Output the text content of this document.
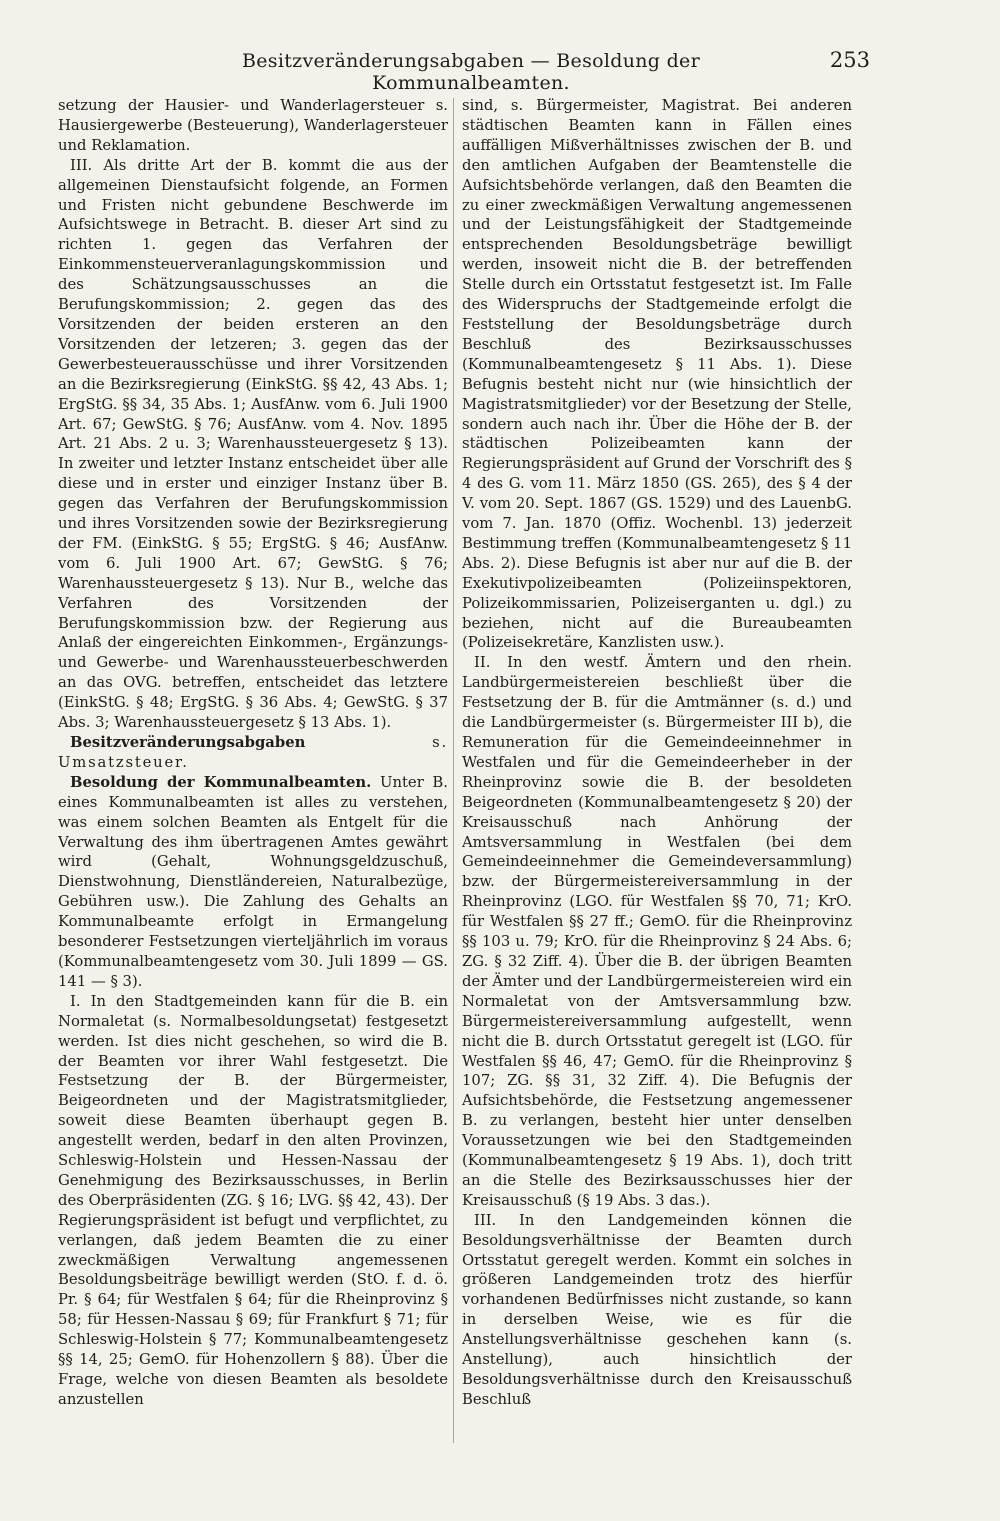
Besitzveränderungsabgaben — Besoldung der Kommunalbeamten.
253

setzung der Hausier- und Wanderlagersteuer s. Hausiergewerbe (Besteuerung), Wanderlagersteuer und Reklamation.

III. Als dritte Art der B. kommt die aus der allgemeinen Dienstaufsicht folgende, an Formen und Fristen nicht gebundene Beschwerde im Aufsichtswege in Betracht. B. dieser Art sind zu richten 1. gegen das Verfahren der Einkommensteuerveranlagungskommission und des Schätzungsausschusses an die Berufungskommission; 2. gegen das des Vorsitzenden der beiden ersteren an den Vorsitzenden der letzeren; 3. gegen das der Gewerbesteuerausschüsse und ihrer Vorsitzenden an die Bezirksregierung (EinkStG. §§ 42, 43 Abs. 1; ErgStG. §§ 34, 35 Abs. 1; AusfAnw. vom 6. Juli 1900 Art. 67; GewStG. § 76; AusfAnw. vom 4. Nov. 1895 Art. 21 Abs. 2 u. 3; Warenhaussteuergesetz § 13). In zweiter und letzter Instanz entscheidet über alle diese und in erster und einziger Instanz über B. gegen das Verfahren der Berufungskommission und ihres Vorsitzenden sowie der Bezirksregierung der FM. (EinkStG. § 55; ErgStG. § 46; AusfAnw. vom 6. Juli 1900 Art. 67; GewStG. § 76; Warenhaussteuergesetz § 13). Nur B., welche das Verfahren des Vorsitzenden der Berufungskommission bzw. der Regierung aus Anlaß der eingereichten Einkommen-, Ergänzungs- und Gewerbe- und Warenhaussteuerbeschwerden an das OVG. betreffen, entscheidet das letztere (EinkStG. § 48; ErgStG. § 36 Abs. 4; GewStG. § 37 Abs. 3; Warenhaussteuergesetz § 13 Abs. 1).

Besitzveränderungsabgaben	s. Umsatzsteuer.

Besoldung der Kommunalbeamten. Unter B. eines Kommunalbeamten ist alles zu verstehen, was einem solchen Beamten als Entgelt für die Verwaltung des ihm übertragenen Amtes gewährt wird (Gehalt, Wohnungsgeldzuschuß, Dienstwohnung, Dienstländereien, Naturalbezüge, Gebühren usw.). Die Zahlung des Gehalts an Kommunalbeamte erfolgt in Ermangelung besonderer Festsetzungen vierteljährlich im voraus (Kommunalbeamtengesetz vom 30. Juli 1899 — GS. 141 — § 3).

I. In den Stadtgemeinden kann für die B. ein Normaletat (s. Normalbesoldungsetat) festgesetzt werden. Ist dies nicht geschehen, so wird die B. der Beamten vor ihrer Wahl festgesetzt. Die Festsetzung der B. der Bürgermeister, Beigeordneten und der Magistratsmitglieder, soweit diese Beamten überhaupt gegen B. angestellt werden, bedarf in den alten Provinzen, Schleswig-Holstein und Hessen-Nassau der Genehmigung des Bezirksausschusses, in Berlin des Oberpräsidenten (ZG. § 16; LVG. §§ 42, 43). Der Regierungspräsident ist befugt und verpflichtet, zu verlangen, daß jedem Beamten die zu einer zweckmäßigen Verwaltung angemessenen Besoldungsbeiträge bewilligt werden (StO. f. d. ö. Pr. § 64; für Westfalen § 64; für die Rheinprovinz § 58; für Hessen-Nassau § 69; für Frankfurt § 71; für Schleswig-Holstein § 77; Kommunalbeamtengesetz §§ 14, 25; GemO. für Hohenzollern § 88). Über die Frage, welche von diesen Beamten als besoldete anzustellen

sind, s. Bürgermeister, Magistrat. Bei anderen städtischen Beamten kann in Fällen eines auffälligen Mißverhältnisses zwischen der B. und den amtlichen Aufgaben der Beamtenstelle die Aufsichtsbehörde verlangen, daß den Beamten die zu einer zweckmäßigen Verwaltung angemessenen und der Leistungsfähigkeit der Stadtgemeinde entsprechenden Besoldungsbeträge bewilligt werden, insoweit nicht die B. der betreffenden Stelle durch ein Ortsstatut festgesetzt ist. Im Falle des Widerspruchs der Stadtgemeinde erfolgt die Feststellung der Besoldungsbeträge durch Beschluß des Bezirksausschusses (Kommunalbeamtengesetz § 11 Abs. 1). Diese Befugnis besteht nicht nur (wie hinsichtlich der Magistratsmitglieder) vor der Besetzung der Stelle, sondern auch nach ihr. Über die Höhe der B. der städtischen Polizeibeamten kann der Regierungspräsident auf Grund der Vorschrift des § 4 des G. vom 11. März 1850 (GS. 265), des § 4 der V. vom 20. Sept. 1867 (GS. 1529) und des LauenbG. vom 7. Jan. 1870 (Offiz. Wochenbl. 13) jederzeit Bestimmung treffen (Kommunalbeamtengesetz § 11 Abs. 2). Diese Befugnis ist aber nur auf die B. der Exekutivpolizeibeamten (Polizeiinspektoren, Polizeikommissarien, Polizeiserganten u. dgl.) zu beziehen, nicht auf die Bureaubeamten (Polizeisekretäre, Kanzlisten usw.).

II. In den westf. Ämtern und den rhein. Landbürgermeistereien beschließt über die Festsetzung der B. für die Amtmänner (s. d.) und die Landbürgermeister (s. Bürgermeister III b), die Remuneration für die Gemeindeeinnehmer in Westfalen und für die Gemeindeerheber in der Rheinprovinz sowie die B. der besoldeten Beigeordneten (Kommunalbeamtengesetz § 20) der Kreisausschuß nach Anhörung der Amtsversammlung in Westfalen (bei dem Gemeindeeinnehmer die Gemeindeversammlung) bzw. der Bürgermeistereiversammlung in der Rheinprovinz (LGO. für Westfalen §§ 70, 71; KrO. für Westfalen §§ 27 ff.; GemO. für die Rheinprovinz §§ 103 u. 79; KrO. für die Rheinprovinz § 24 Abs. 6; ZG. § 32 Ziff. 4). Über die B. der übrigen Beamten der Ämter und der Landbürgermeistereien wird ein Normaletat von der Amtsversammlung bzw. Bürgermeistereiversammlung aufgestellt, wenn nicht die B. durch Ortsstatut geregelt ist (LGO. für Westfalen §§ 46, 47; GemO. für die Rheinprovinz § 107; ZG. §§ 31, 32 Ziff. 4). Die Befugnis der Aufsichtsbehörde, die Festsetzung angemessener B. zu verlangen, besteht hier unter denselben Voraussetzungen wie bei den Stadtgemeinden (Kommunalbeamtengesetz § 19 Abs. 1), doch tritt an die Stelle des Bezirksausschusses hier der Kreisausschuß (§ 19 Abs. 3 das.).

III. In den Landgemeinden können die Besoldungsverhältnisse der Beamten durch Ortsstatut geregelt werden. Kommt ein solches in größeren Landgemeinden trotz des hierfür vorhandenen Bedürfnisses nicht zustande, so kann in derselben Weise, wie es für die Anstellungsverhältnisse geschehen kann (s. Anstellung), auch hinsichtlich der Besoldungsverhältnisse durch den Kreisausschuß Beschluß
